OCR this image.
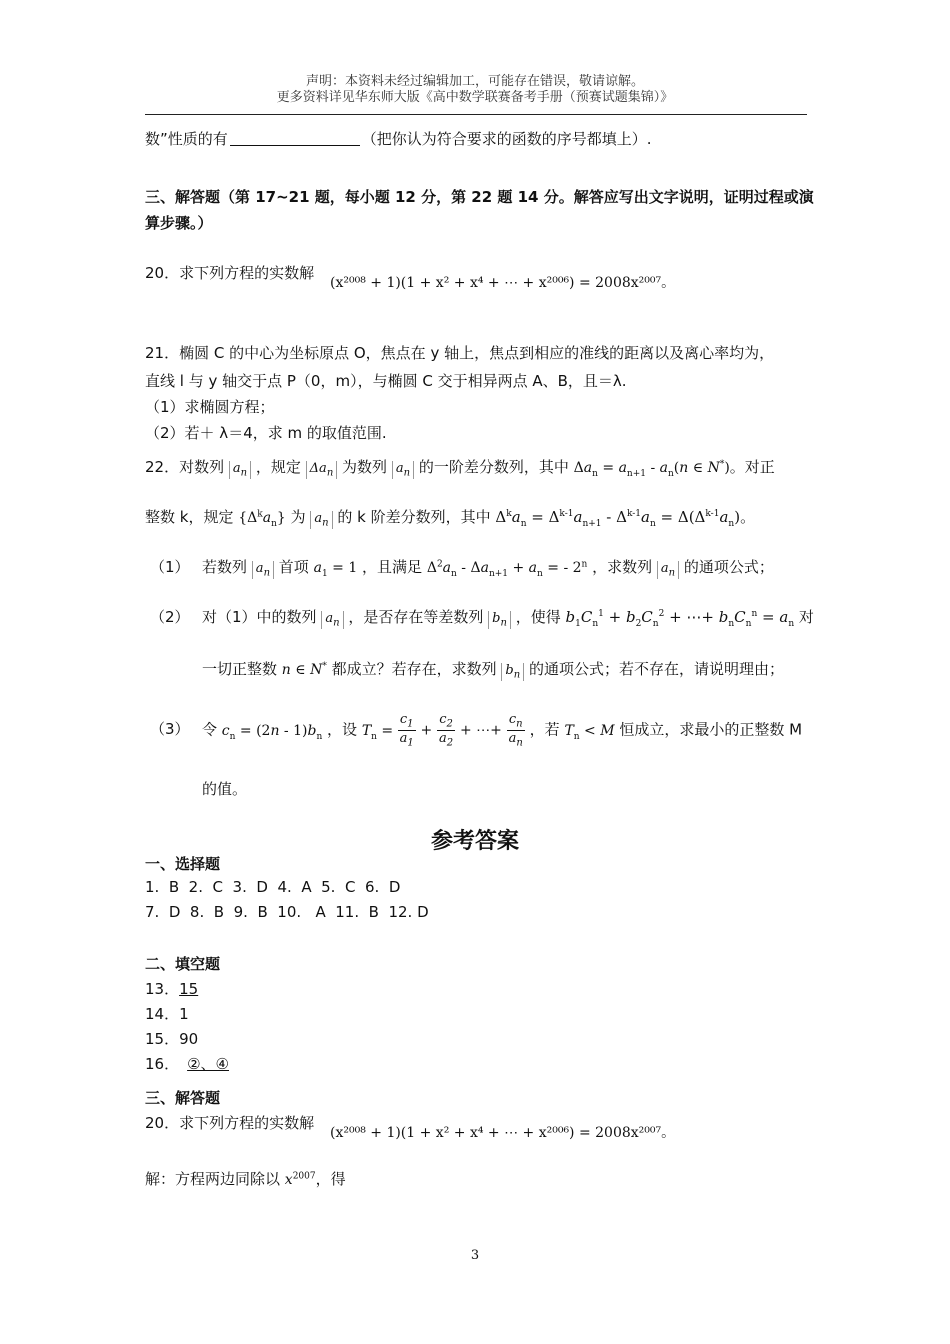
声明：本资料未经过编辑加工，可能存在错误，敬请谅解。
更多资料详见华东师大版《高中数学联赛备考手册（预赛试题集锦）》
数”性质的有	（把你认为符合要求的函数的序号都填上）.
三、解答题（第 17~21 题，每小题 12 分，第 22 题 14 分。解答应写出文字说明，证明过程或演
算步骤。）
20．求下列方程的实数解
(x²⁰⁰⁸ + 1)(1 + x² + x⁴ + ⋯ + x²⁰⁰⁶) = 2008x²⁰⁰⁷。
21．椭圆 C 的中心为坐标原点 O，焦点在 y 轴上，焦点到相应的准线的距离以及离心率均为，
直线 l 与 y 轴交于点 P（0，m），与椭圆 C 交于相异两点 A、B，且＝λ.
（1）求椭圆方程；
（2）若＋ λ＝4，求 m 的取值范围.
22．对数列 $a_n$ ，规定 $\Delta a_n$ 为数列 $a_n$ 的一阶差分数列，其中 $\Delta a_n = a_{n+1} - a_n(n$ ∈ N*)。对正
整数 k，规定 $\{\Delta^ka_n\}$ 为 $a_n$ 的 k 阶差分数列，其中 $\Delta^ka_n = \Delta^{k-1}a_{n+1} - \Delta^{k-1}a_n = \Delta(\Delta^{k-1}a_n)$。
（1） 若数列 $a_n$ 首项 $a_1 = 1$ ，且满足 $\Delta^2a_n - \Delta a_{n+1} + a_n$ = - 2$^n$ ，求数列 $a_n$ 的通项公式；
（2） 对（1）中的数列 $a_n$ ，是否存在等差数列 $b_n$ ，使得 $b_1C_n^1 + b_2C_n^2$ + ⋯+ $b_nC_n^n = a_n$ 对
一切正整数 n ∈ N* 都成立？若存在，求数列 $b_n$ 的通项公式；若不存在，请说明理由；
（3） 令 $c_n = (2n - 1)b_n$ ，设 $T_n = \frac{c_1}{a_1} + \frac{c_2}{a_2}$ + ⋯+ $\frac{c_n}{a_n}$ ，若 $T_n < M$ 恒成立，求最小的正整数 M
的值。
参考答案
一、选择题
1.  B  2.  C  3.  D  4.  A  5.  C  6.  D
7.  D  8.  B  9.  B  10.   A  11.  B  12. D
二、填空题
13．15
14．1
15．90
16． ②、④
三、解答题
20．求下列方程的实数解
(x²⁰⁰⁸ + 1)(1 + x² + x⁴ + ⋯ + x²⁰⁰⁶) = 2008x²⁰⁰⁷。
解：方程两边同除以 $x^{2007}$，得
3
